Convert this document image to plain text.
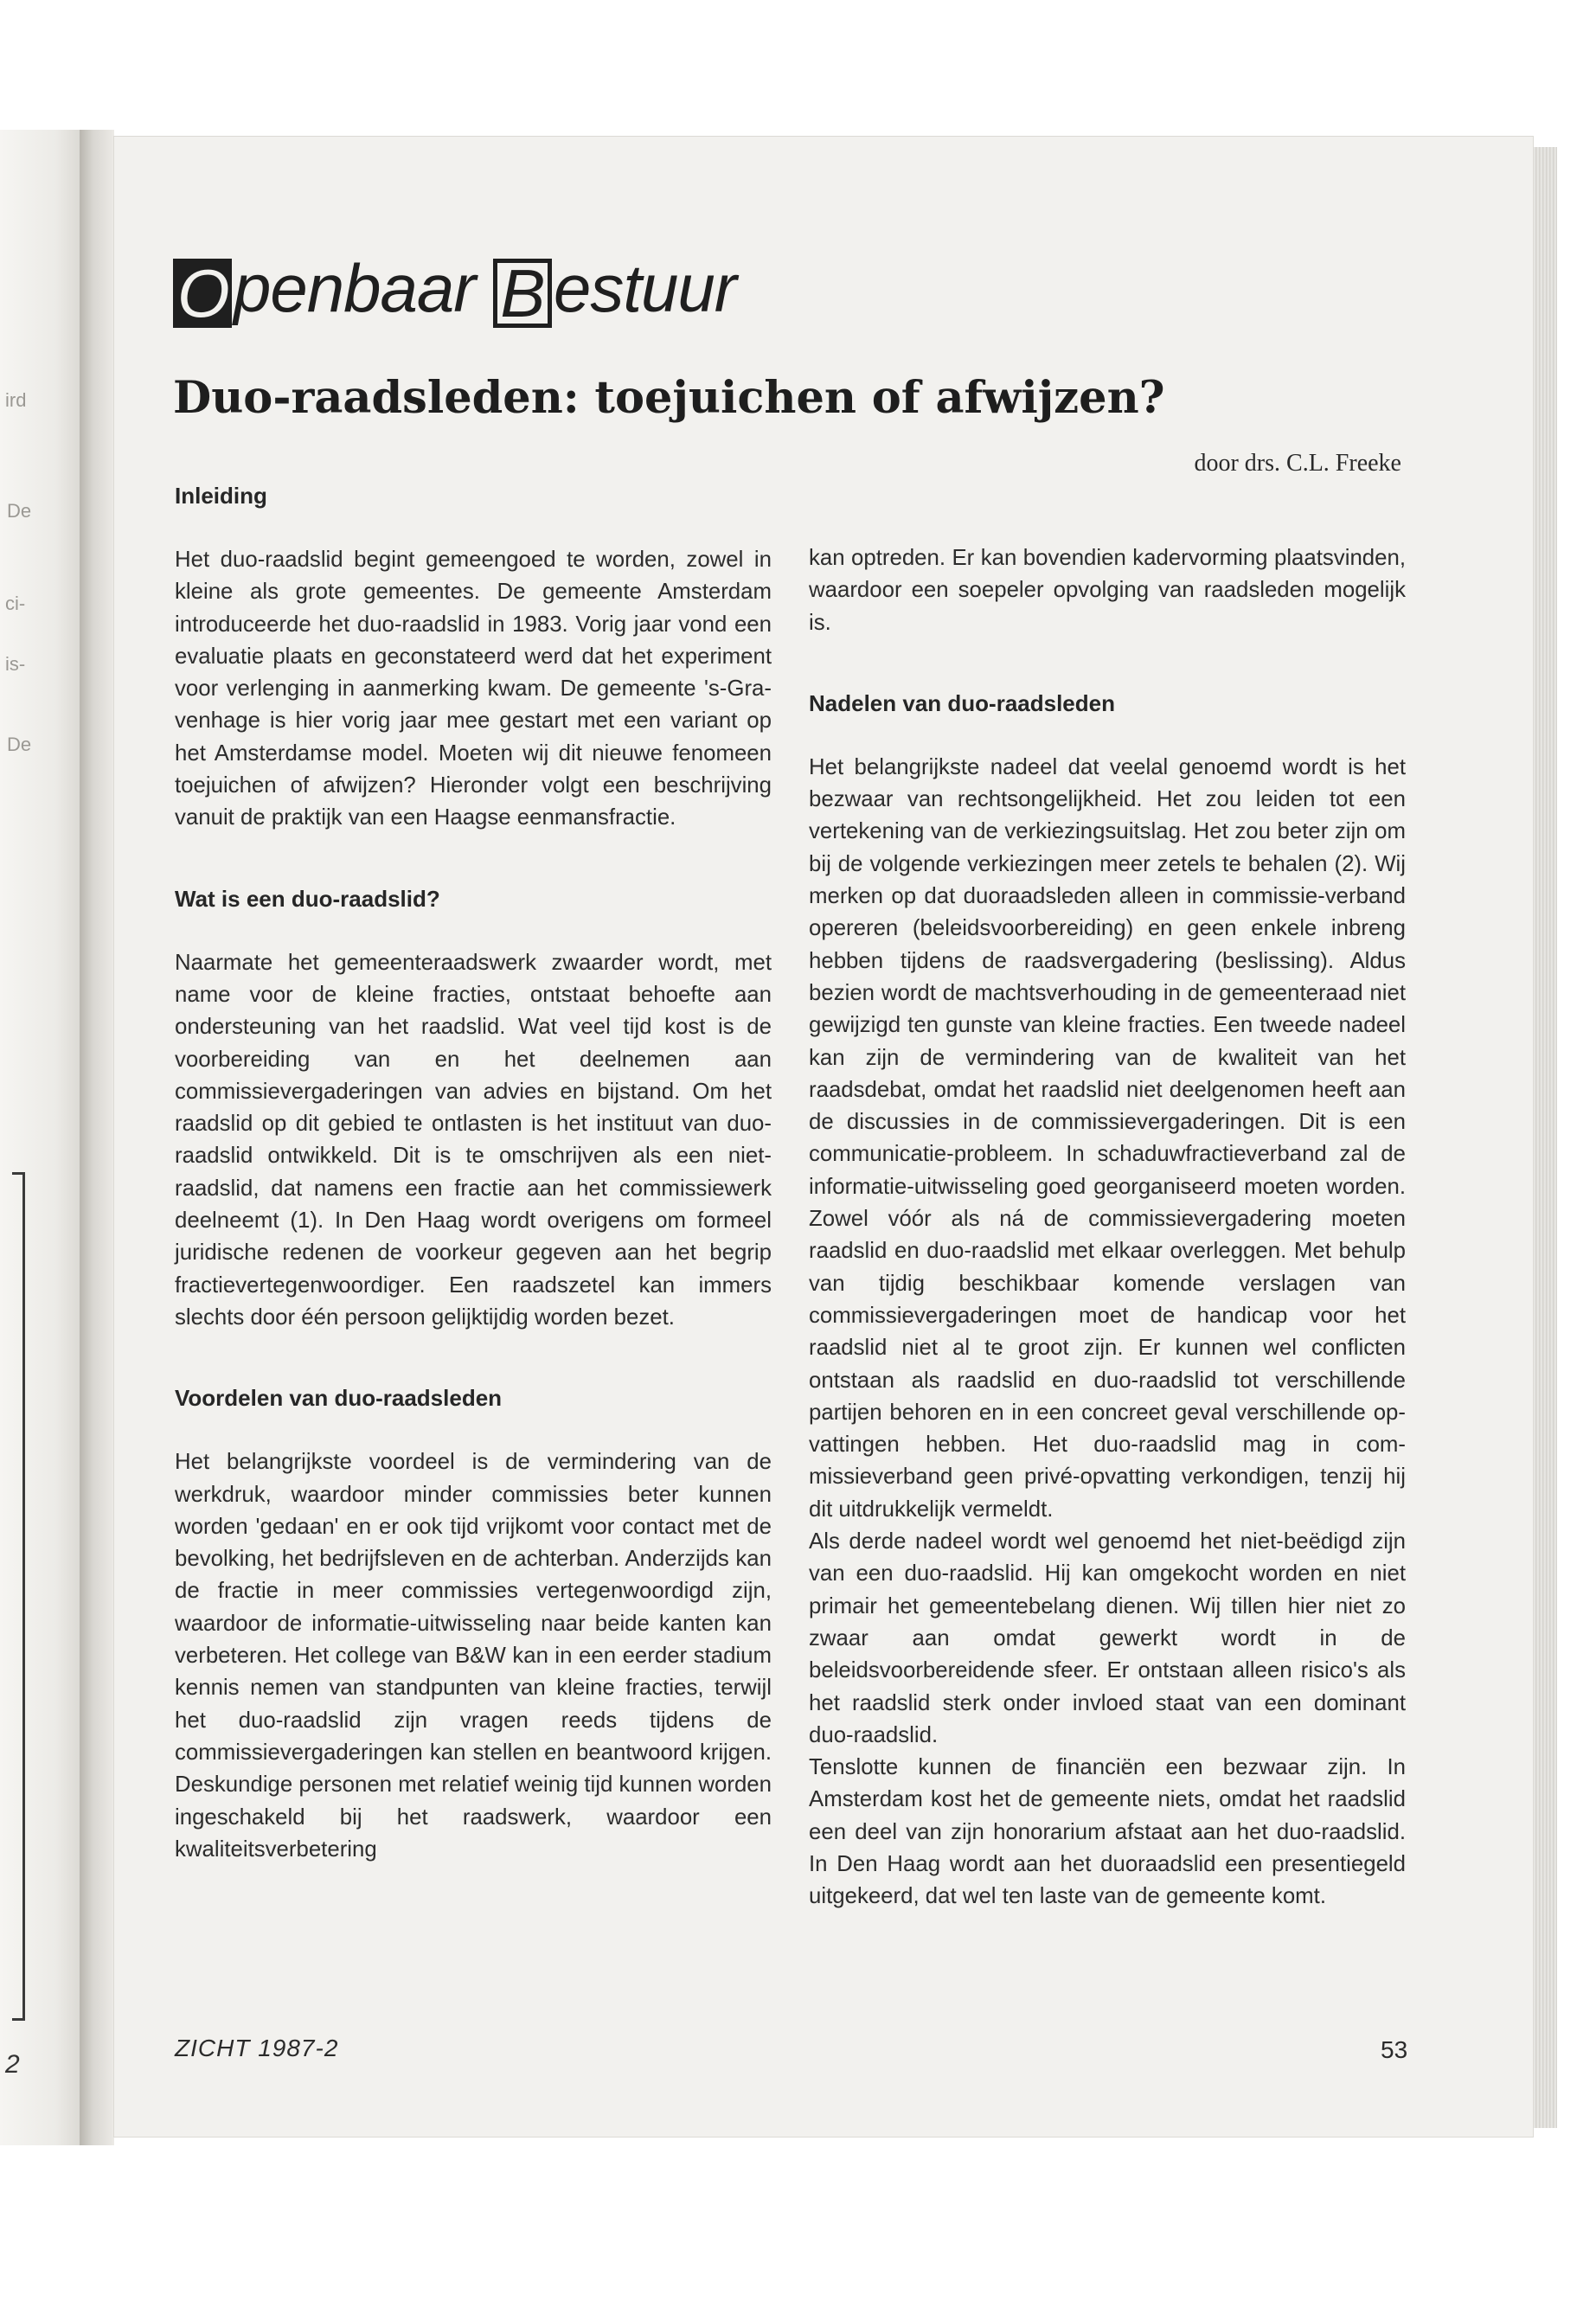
ird
De
ci-
is-
De
2
Openbaar B estuur
Duo-raadsleden: toejuichen of afwijzen?
door drs. C.L. Freeke
Inleiding

Het duo-raadslid begint gemeengoed te worden, zowel in kleine als grote gemeentes. De gemeente Amsterdam introduceerde het duo-raadslid in 1983. Vorig jaar vond een evaluatie plaats en geconstateerd werd dat het experiment voor verlenging in aanmerking kwam. De gemeente 's-Gravenhage is hier vorig jaar mee gestart met een variant op het Amsterdamse model. Moeten wij dit nieuwe fenomeen toejuichen of afwijzen? Hieronder volgt een beschrijving vanuit de praktijk van een Haagse eenmansfractie.

Wat is een duo-raadslid?

Naarmate het gemeenteraadswerk zwaarder wordt, met name voor de kleine fracties, ontstaat behoefte aan ondersteuning van het raadslid. Wat veel tijd kost is de voorbereiding van en het deelnemen aan commissievergaderingen van advies en bijstand. Om het raadslid op dit gebied te ontlasten is het instituut van duo-raadslid ontwikkeld. Dit is te omschrijven als een niet-raadslid, dat namens een fractie aan het commissiewerk deelneemt (1). In Den Haag wordt overigens om formeel juridische redenen de voorkeur gegeven aan het begrip fractievertegenwoordiger. Een raadszetel kan immers slechts door één persoon gelijktijdig worden bezet.

Voordelen van duo-raadsleden

Het belangrijkste voordeel is de vermindering van de werkdruk, waardoor minder commissies beter kunnen worden 'gedaan' en er ook tijd vrijkomt voor contact met de bevolking, het bedrijfsleven en de achterban. Anderzijds kan de fractie in meer commissies vertegenwoordigd zijn, waardoor de informatie-uitwisseling naar beide kanten kan verbeteren. Het college van B&W kan in een eerder stadium kennis nemen van standpunten van kleine fracties, terwijl het duo-raadslid zijn vragen reeds tijdens de commissievergaderingen kan stellen en beantwoord krijgen. Deskundige personen met relatief weinig tijd kunnen worden ingeschakeld bij het raadswerk, waardoor een kwaliteitsverbetering

kan optreden. Er kan bovendien kadervorming plaatsvinden, waardoor een soepeler opvolging van raadsleden mogelijk is.

Nadelen van duo-raadsleden

Het belangrijkste nadeel dat veelal genoemd wordt is het bezwaar van rechtsongelijkheid. Het zou leiden tot een vertekening van de verkiezingsuitslag. Het zou beter zijn om bij de volgende verkiezingen meer zetels te behalen (2). Wij merken op dat duoraadsleden alleen in commissie-verband opereren (beleidsvoorbereiding) en geen enkele inbreng hebben tijdens de raadsvergadering (beslissing). Aldus bezien wordt de machtsverhouding in de gemeenteraad niet gewijzigd ten gunste van kleine fracties. Een tweede nadeel kan zijn de vermindering van de kwaliteit van het raadsdebat, omdat het raadslid niet deelgenomen heeft aan de discussies in de commissievergaderingen. Dit is een communicatie-probleem. In schaduwfractieverband zal de informatie-uitwisseling goed georganiseerd moeten worden. Zowel vóór als ná de commissievergadering moeten raadslid en duo-raadslid met elkaar overleggen. Met behulp van tijdig beschikbaar komende verslagen van commissievergaderingen moet de handicap voor het raadslid niet al te groot zijn. Er kunnen wel conflicten ontstaan als raadslid en duo-raadslid tot verschillende partijen behoren en in een concreet geval verschillende opvattingen hebben. Het duo-raadslid mag in commissieverband geen privé-opvatting verkondigen, tenzij hij dit uitdrukkelijk vermeldt.

Als derde nadeel wordt wel genoemd het niet-beëdigd zijn van een duo-raadslid. Hij kan omgekocht worden en niet primair het gemeentebelang dienen. Wij tillen hier niet zo zwaar aan omdat gewerkt wordt in de beleidsvoorbereidende sfeer. Er ontstaan alleen risico's als het raadslid sterk onder invloed staat van een dominant duo-raadslid.

Tenslotte kunnen de financiën een bezwaar zijn. In Amsterdam kost het de gemeente niets, omdat het raadslid een deel van zijn honorarium afstaat aan het duo-raadslid. In Den Haag wordt aan het duoraadslid een presentiegeld uitgekeerd, dat wel ten laste van de gemeente komt.

ZICHT 1987-2	53
